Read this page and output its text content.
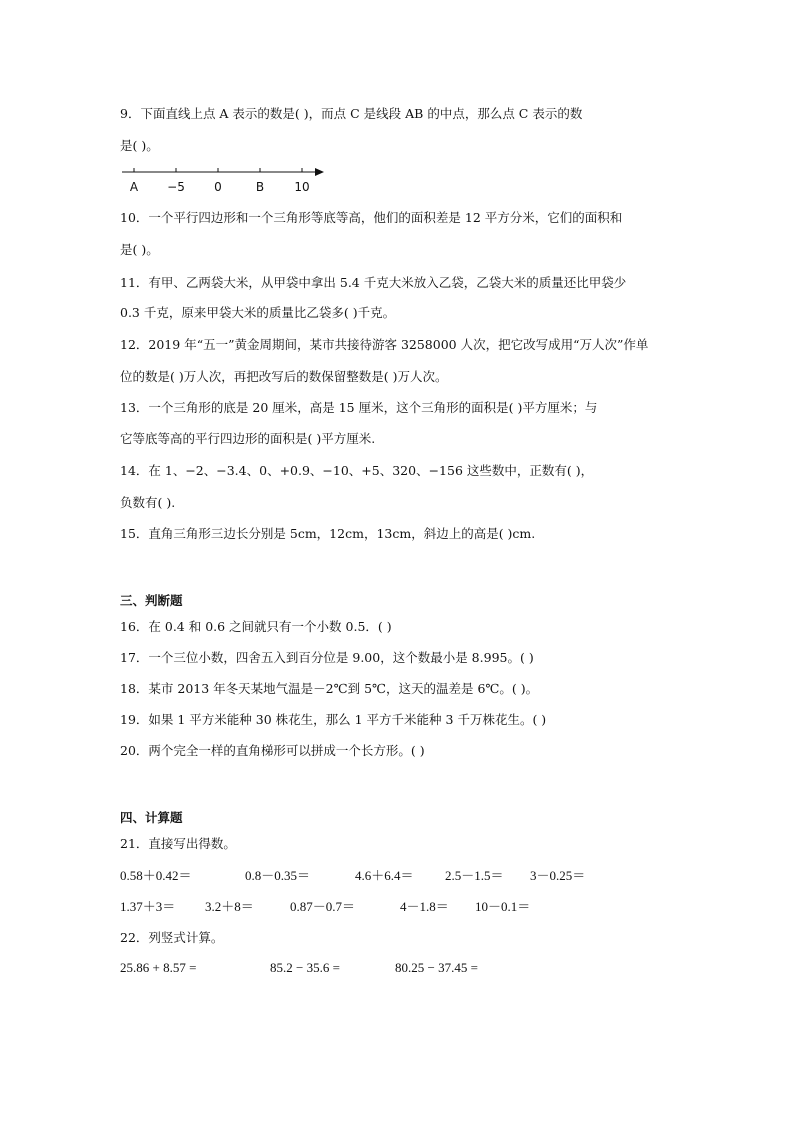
9．下面直线上点 A 表示的数是( )，而点 C 是线段 AB 的中点，那么点 C 表示的数
是( )。
A −5 0	B	10
10．一个平行四边形和一个三角形等底等高，他们的面积差是 12 平方分米，它们的面积和
是( )。
11．有甲、乙两袋大米，从甲袋中拿出 5.4 千克大米放入乙袋，乙袋大米的质量还比甲袋少
0.3 千克，原来甲袋大米的质量比乙袋多( )千克。
12．2019 年“五一”黄金周期间，某市共接待游客 3258000 人次，把它改写成用“万人次”作单
位的数是( )万人次，再把改写后的数保留整数是( )万人次。
13．一个三角形的底是 20 厘米，高是 15 厘米，这个三角形的面积是( )平方厘米；与
它等底等高的平行四边形的面积是( )平方厘米.
14．在 1、−2、−3.4、0、+0.9、−10、+5、320、−156 这些数中，正数有( )，
负数有( ).
15．直角三角形三边长分别是 5cm，12cm，13cm，斜边上的高是( )cm.
三、判断题
16．在 0.4 和 0.6 之间就只有一个小数 0.5．( )
17．一个三位小数，四舍五入到百分位是 9.00，这个数最小是 8.995。( )
18．某市 2013 年冬天某地气温是－2℃到 5℃，这天的温差是 6℃。( )。
19．如果 1 平方米能种 30 株花生，那么 1 平方千米能种 3 千万株花生。( )
20．两个完全一样的直角梯形可以拼成一个长方形。( )
四、计算题
21．直接写出得数。
0.58＋0.42＝	0.8－0.35＝	4.6＋6.4＝ 2.5－1.5＝ 3－0.25＝
1.37＋3＝ 3.2＋8＝	0.87－0.7＝	4－1.8＝ 10－0.1＝
22．列竖式计算。
25.86 + 8.57 =	85.2 − 35.6 =	80.25 − 37.45 =
